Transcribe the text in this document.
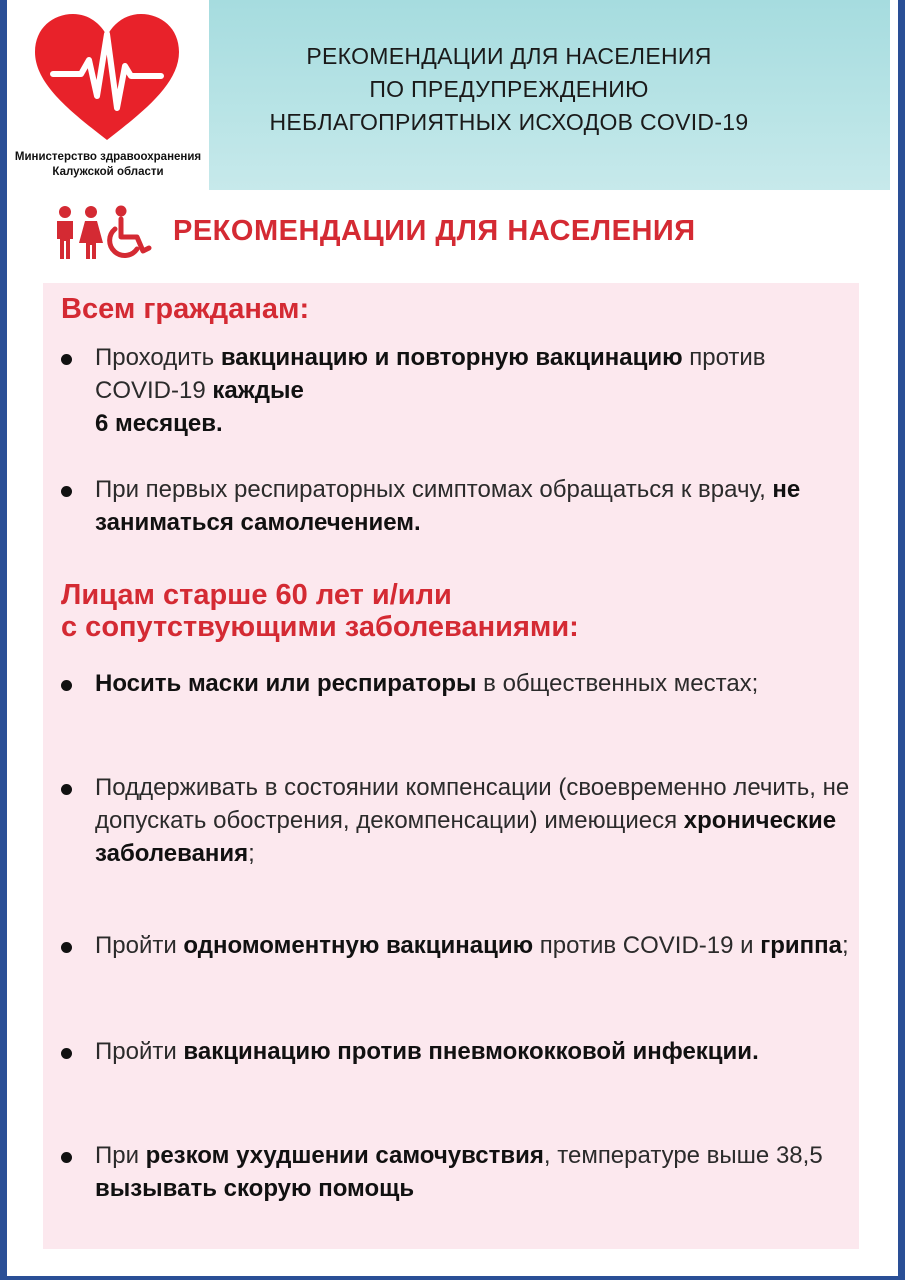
Министерство здравоохранения
Калужской области
РЕКОМЕНДАЦИИ ДЛЯ НАСЕЛЕНИЯ
ПО ПРЕДУПРЕЖДЕНИЮ
НЕБЛАГОПРИЯТНЫХ ИСХОДОВ COVID-19
РЕКОМЕНДАЦИИ ДЛЯ НАСЕЛЕНИЯ
Всем гражданам:
Проходить вакцинацию и повторную вакцинацию против COVID-19 каждые
6 месяцев.
При первых респираторных симптомах обращаться к врачу, не заниматься самолечением.
Лицам старше 60 лет и/или
с сопутствующими заболеваниями:
Носить маски или респираторы в общественных местах;
Поддерживать в состоянии компенсации (своевременно лечить, не допускать обострения, декомпенсации) имеющиеся хронические заболевания;
Пройти одномоментную вакцинацию против COVID-19 и гриппа;
Пройти вакцинацию против пневмококковой инфекции.
При резком ухудшении самочувствия, температуре выше 38,5 вызывать скорую помощь
